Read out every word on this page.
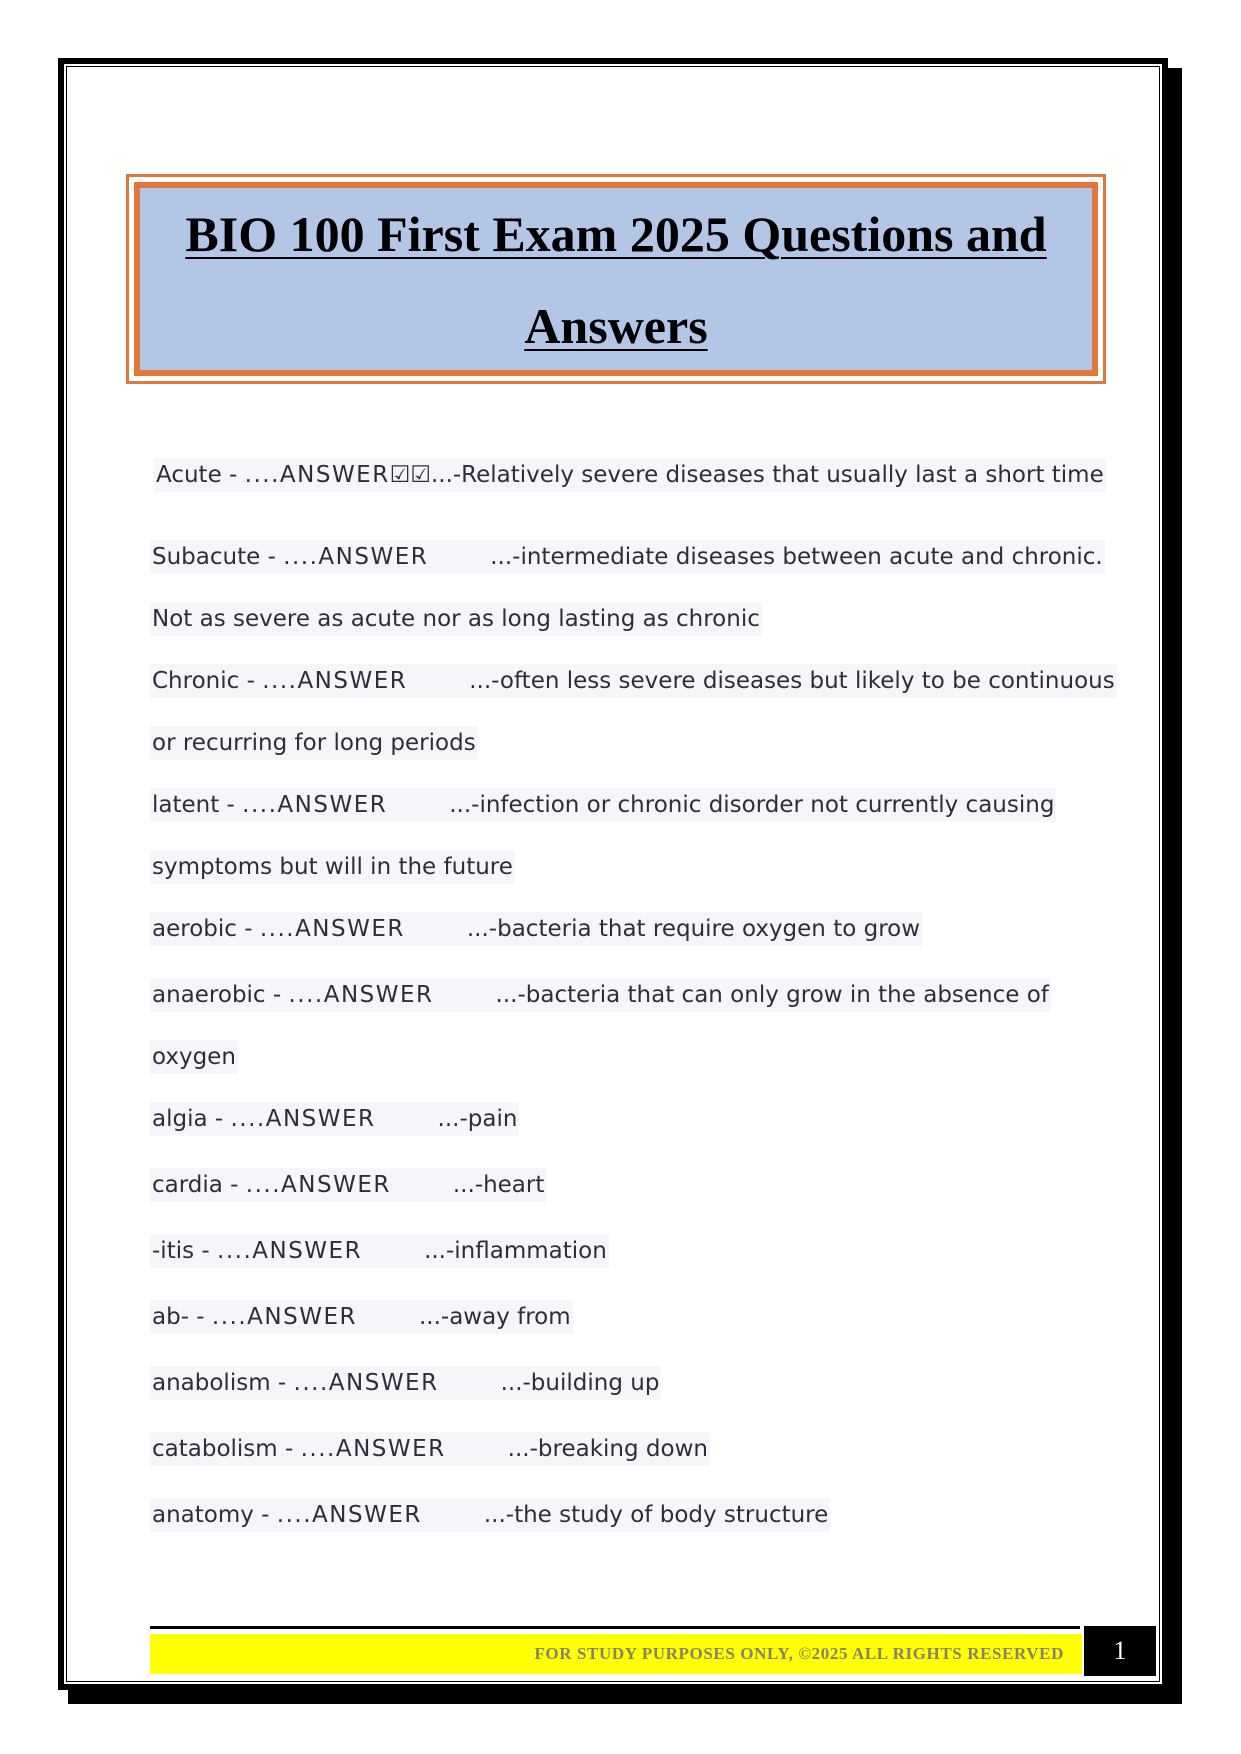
BIO 100 First Exam 2025 Questions and
Answers

Acute - ....ANSWER☑☑...-Relatively severe diseases that usually last a short time
Subacute - ....ANSWER	...-intermediate diseases between acute and chronic.
Not as severe as acute nor as long lasting as chronic
Chronic - ....ANSWER	...-often less severe diseases but likely to be continuous
or recurring for long periods
latent - ....ANSWER	...-infection or chronic disorder not currently causing
symptoms but will in the future
aerobic - ....ANSWER	...-bacteria that require oxygen to grow
anaerobic - ....ANSWER	...-bacteria that can only grow in the absence of
oxygen
algia - ....ANSWER	...-pain
cardia - ....ANSWER	...-heart
-itis - ....ANSWER	...-inflammation
ab- - ....ANSWER	...-away from
anabolism - ....ANSWER	...-building up
catabolism - ....ANSWER	...-breaking down
anatomy - ....ANSWER	...-the study of body structure
FOR STUDY PURPOSES ONLY, ©2025 ALL RIGHTS RESERVED	1
